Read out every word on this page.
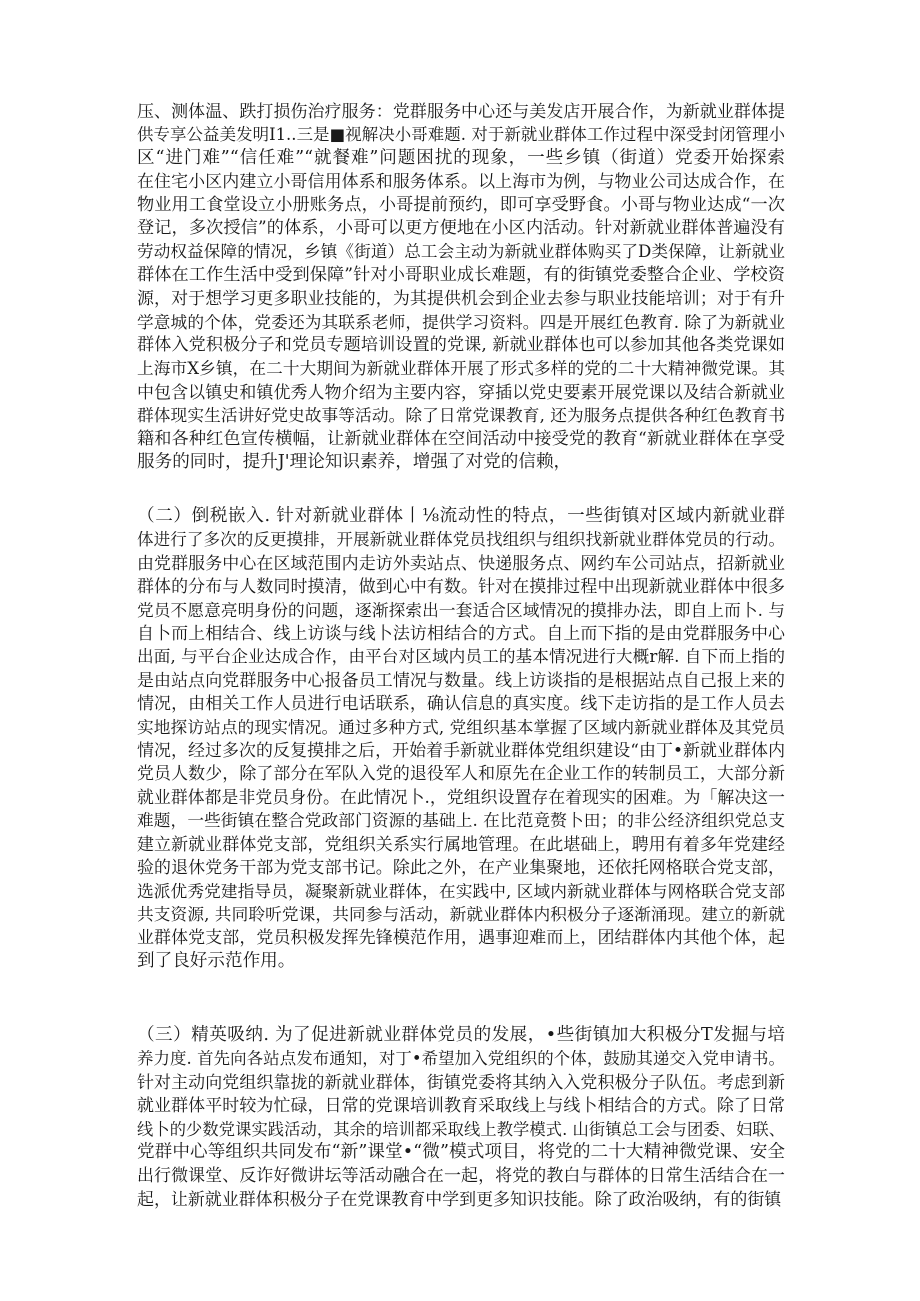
压、测体温、跌打损伤治疗服务：党群服务中心还与美发店开展合作，为新就业群体提
供专享公益美发明I1..三是■视解决小哥难题. 对于新就业群体工作过程中深受封闭管理小
区“进门难”“信任难”“就餐难”问题困扰的现象，一些乡镇（街道）党委开始探索
在住宅小区内建立小哥信用体系和服务体系。以上海市为例，与物业公司达成合作，在
物业用工食堂设立小册账务点，小哥提前预约，即可享受野食。小哥与物业达成“一次
登记，多次授信”的体系，小哥可以更方便地在小区内活动。针对新就业群体普遍没有
劳动权益保障的情况，乡镇《街道）总工会主动为新就业群体购买了D类保障，让新就业
群体在工作生活中受到保障”针对小哥职业成长难题，有的街镇党委整合企业、学校资
源，对于想学习更多职业技能的，为其提供机会到企业去参与职业技能培训；对于有升
学意城的个体，党委还为其联系老师，提供学习资料。四是开展红色教育. 除了为新就业
群体入党积极分子和党员专题培训设置的党课, 新就业群体也可以参加其他各类党课如
上海市X乡镇，在二十大期间为新就业群体开展了形式多样的党的二十大精神微党课。其
中包含以镇史和镇优秀人物介绍为主要内容，穿插以党史要素开展党课以及结合新就业
群体现实生活讲好党史故事等活动。除了日常党课教育, 还为服务点提供各种红色教育书
籍和各种红色宣传横幅，让新就业群体在空间活动中接受党的教育“新就业群体在享受
服务的同时，提升J'理论知识素养，增强了对党的信赖，
（二）倒税嵌入. 针对新就业群体丨⅛流动性的特点，一些街镇对区域内新就业群
体进行了多次的反更摸排，开展新就业群体党员找组织与组织找新就业群体党员的行动。
由党群服务中心在区域范围内走访外卖站点、快递服务点、网约车公司站点，招新就业
群体的分布与人数同时摸清，做到心中有数。针对在摸排过程中出现新就业群体中很多
党员不愿意亮明身份的问题，逐渐探索出一套适合区域情况的摸排办法，即自上而卜. 与
自卜而上相结合、线上访谈与线卜法访相结合的方式。自上而下指的是由党群服务中心
出面, 与平台企业达成合作，由平台对区域内员工的基本情况进行大概r解. 自下而上指的
是由站点向党群服务中心报备员工情况与数量。线上访谈指的是根据站点自己报上来的
情况，由相关工作人员进行电话联系，确认信息的真实度。线下走访指的是工作人员去
实地探访站点的现实情况。通过多种方式, 党组织基本掌握了区域内新就业群体及其党员
情况，经过多次的反复摸排之后，开始着手新就业群体党组织建设“由丁•新就业群体内
党员人数少，除了部分在军队入党的退役军人和原先在企业工作的转制员工，大部分新
就业群体都是非党员身份。在此情况卜.，党组织设置存在着现实的困难。为「解决这一
难题，一些街镇在整合党政部门资源的基础上. 在比范竟赘卜田；的非公经济组织党总支
建立新就业群体党支部，党组织关系实行属地管理。在此堪础上，聘用有着多年党建经
验的退休党务干部为党支部书记。除此之外，在产业集聚地，还依托网格联合党支部，
选派优秀党建指导员，凝聚新就业群体，在实践中, 区域内新就业群体与网格联合党支部
共支资源, 共同聆听党课，共同参与活动，新就业群体内积极分子逐渐涌现。建立的新就
业群体党支部，党员积极发挥先锋模范作用，遇事迎难而上，团结群体内其他个体，起
到了良好示范作用。
（三）精英吸纳. 为了促进新就业群体党员的发展，•些街镇加大积极分T发掘与培
养力度. 首先向各站点发布通知，对丁•希望加入党组织的个体，鼓励其递交入党申请书。
针对主动向党组织靠拢的新就业群体，街镇党委将其纳入入党积极分子队伍。考虑到新
就业群体平时较为忙碌，日常的党课培训教育采取线上与线卜相结合的方式。除了日常
线卜的少数党课实践活动，其余的培训都采取线上教学模式. 山街镇总工会与团委、妇联、
党群中心等组织共同发布“新”课堂•“微”模式项目，将党的二十大精神微党课、安全
出行微课堂、反诈好微讲坛等活动融合在一起，将党的教白与群体的日常生活结合在一
起，让新就业群体积极分子在党课教育中学到更多知识技能。除了政治吸纳，有的街镇
